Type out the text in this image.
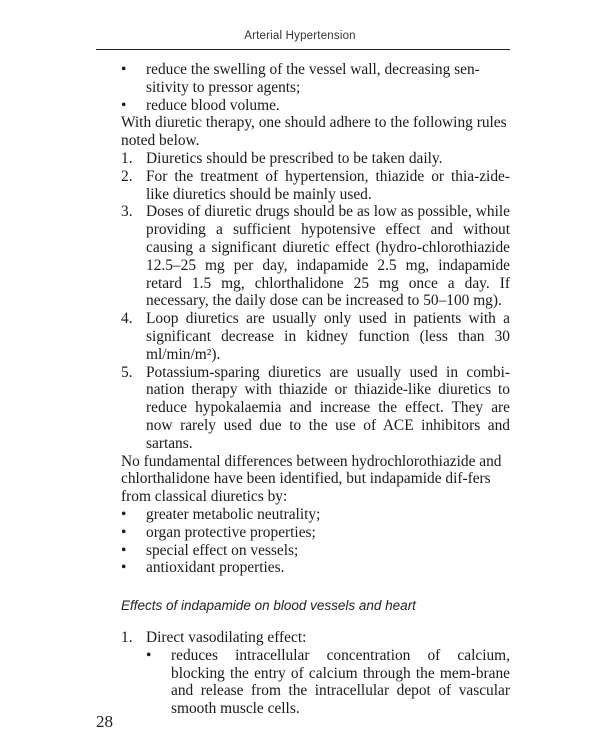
Arterial Hypertension
• reduce the swelling of the vessel wall, decreasing sen-sitivity to pressor agents;
• reduce blood volume.

With diuretic therapy, one should adhere to the following rules noted below.

1. Diuretics should be prescribed to be taken daily.
2. For the treatment of hypertension, thiazide or thia-zide-like diuretics should be mainly used.
3. Doses of diuretic drugs should be as low as possible, while providing a sufficient hypotensive effect and without causing a significant diuretic effect (hydro-chlorothiazide 12.5–25 mg per day, indapamide 2.5 mg, indapamide retard 1.5 mg, chlorthalidone 25 mg once a day. If necessary, the daily dose can be increased to 50–100 mg).
4. Loop diuretics are usually only used in patients with a significant decrease in kidney function (less than 30 ml/min/m²).
5. Potassium-sparing diuretics are usually used in combi-nation therapy with thiazide or thiazide-like diuretics to reduce hypokalaemia and increase the effect. They are now rarely used due to the use of ACE inhibitors and sartans.

No fundamental differences between hydrochlorothiazide and chlorthalidone have been identified, but indapamide dif-fers from classical diuretics by:

• greater metabolic neutrality;
• organ protective properties;
• special effect on vessels;
• antioxidant properties.
Effects of indapamide on blood vessels and heart
1. Direct vasodilating effect:
• reduces intracellular concentration of calcium, blocking the entry of calcium through the mem-brane and release from the intracellular depot of vascular smooth muscle cells.
28
